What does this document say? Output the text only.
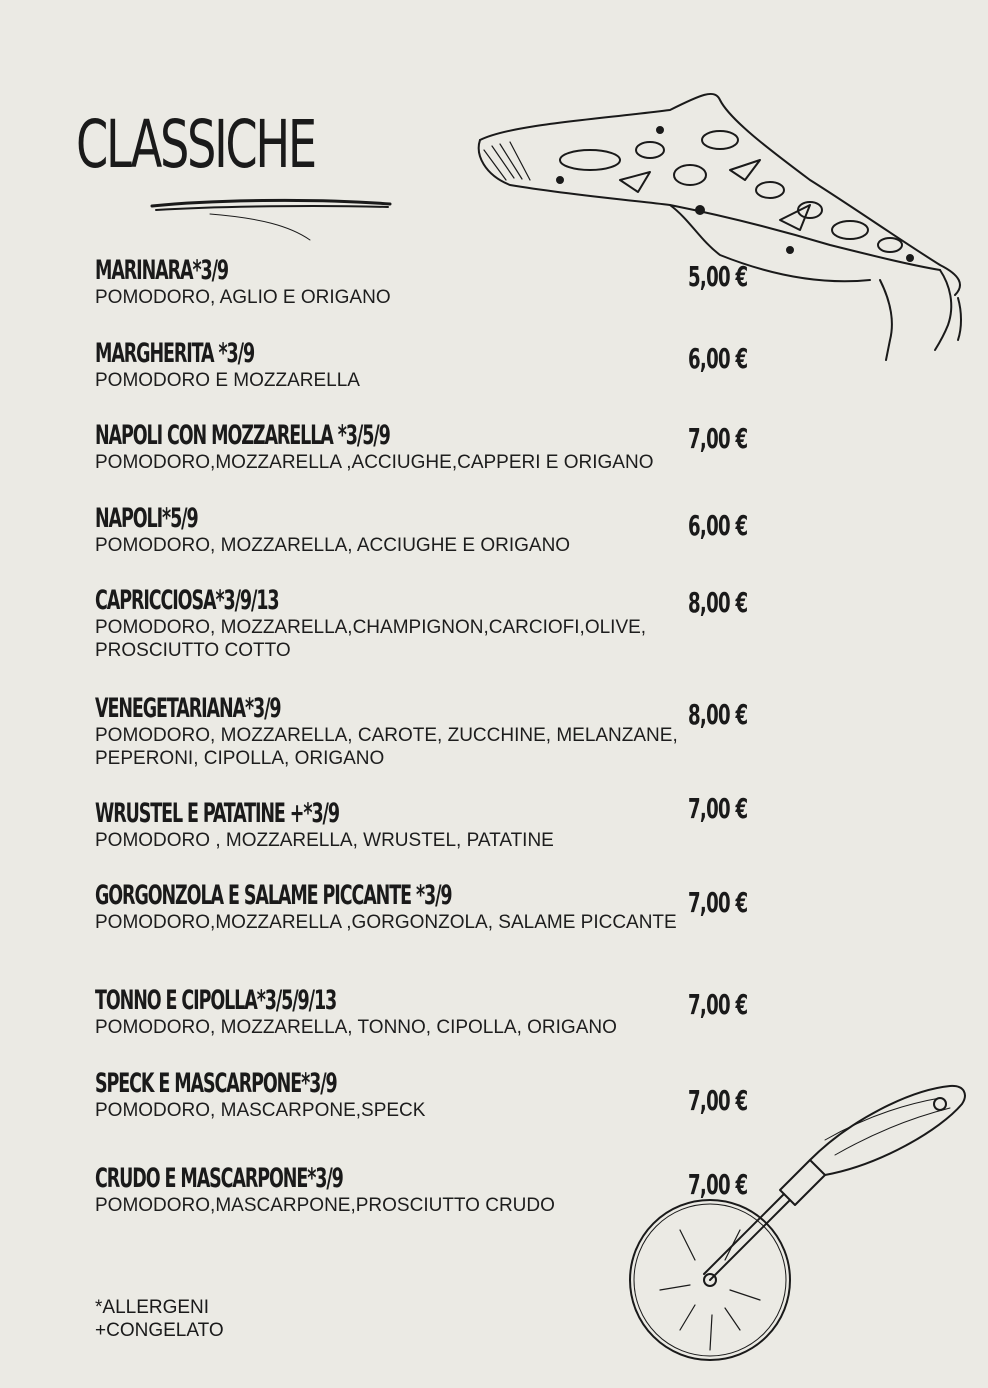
CLASSICHE
MARINARA*3/9
POMODORO, AGLIO E ORIGANO
5,00 €
MARGHERITA *3/9
POMODORO E MOZZARELLA
6,00 €
NAPOLI CON MOZZARELLA *3/5/9
POMODORO,MOZZARELLA ,ACCIUGHE,CAPPERI E ORIGANO
7,00 €
NAPOLI*5/9
POMODORO, MOZZARELLA, ACCIUGHE E ORIGANO
6,00 €
CAPRICCIOSA*3/9/13
POMODORO, MOZZARELLA,CHAMPIGNON,CARCIOFI,OLIVE, PROSCIUTTO COTTO
8,00 €
VENEGETARIANA*3/9
POMODORO, MOZZARELLA, CAROTE, ZUCCHINE, MELANZANE, PEPERONI, CIPOLLA, ORIGANO
8,00 €
WRUSTEL E PATATINE +*3/9
POMODORO , MOZZARELLA, WRUSTEL, PATATINE
7,00 €
GORGONZOLA E SALAME PICCANTE *3/9
POMODORO,MOZZARELLA ,GORGONZOLA, SALAME PICCANTE
7,00 €
TONNO E CIPOLLA*3/5/9/13
POMODORO, MOZZARELLA, TONNO, CIPOLLA, ORIGANO
7,00 €
SPECK E MASCARPONE*3/9
POMODORO, MASCARPONE,SPECK	7,00 €
CRUDO E MASCARPONE*3/9
POMODORO,MASCARPONE,PROSCIUTTO CRUDO
7,00 €
*ALLERGENI
+CONGELATO
